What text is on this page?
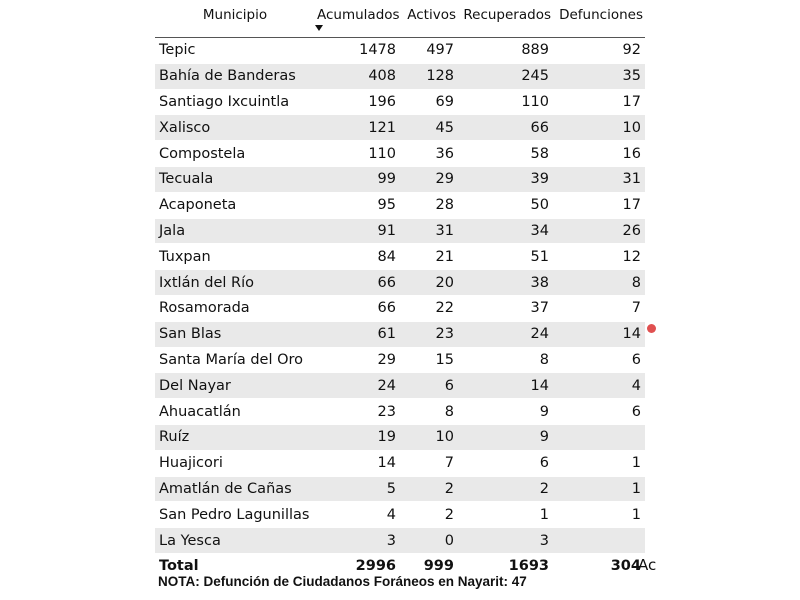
Municipio	Acumulados	Activos	Recuperados	Defunciones
Tepic	1478	497	889	92
Bahía de Banderas	408	128	245	35
Santiago Ixcuintla	196	69	110	17
Xalisco	121	45	66	10
Compostela	110	36	58	16
Tecuala	99	29	39	31
Acaponeta	95	28	50	17
Jala	91	31	34	26
Tuxpan	84	21	51	12
Ixtlán del Río	66	20	38	8
Rosamorada	66	22	37	7
San Blas	61	23	24	14
Santa María del Oro	29	15	8	6
Del Nayar	24	6	14	4
Ahuacatlán	23	8	9	6
Ruíz	19	10	9	
Huajicori	14	7	6	1
Amatlán de Cañas	5	2	2	1
San Pedro Lagunillas	4	2	1	1
La Yesca	3	0	3	
Total	2996	999	1693	304
Ac
NOTA: Defunción de Ciudadanos Foráneos en Nayarit: 47
